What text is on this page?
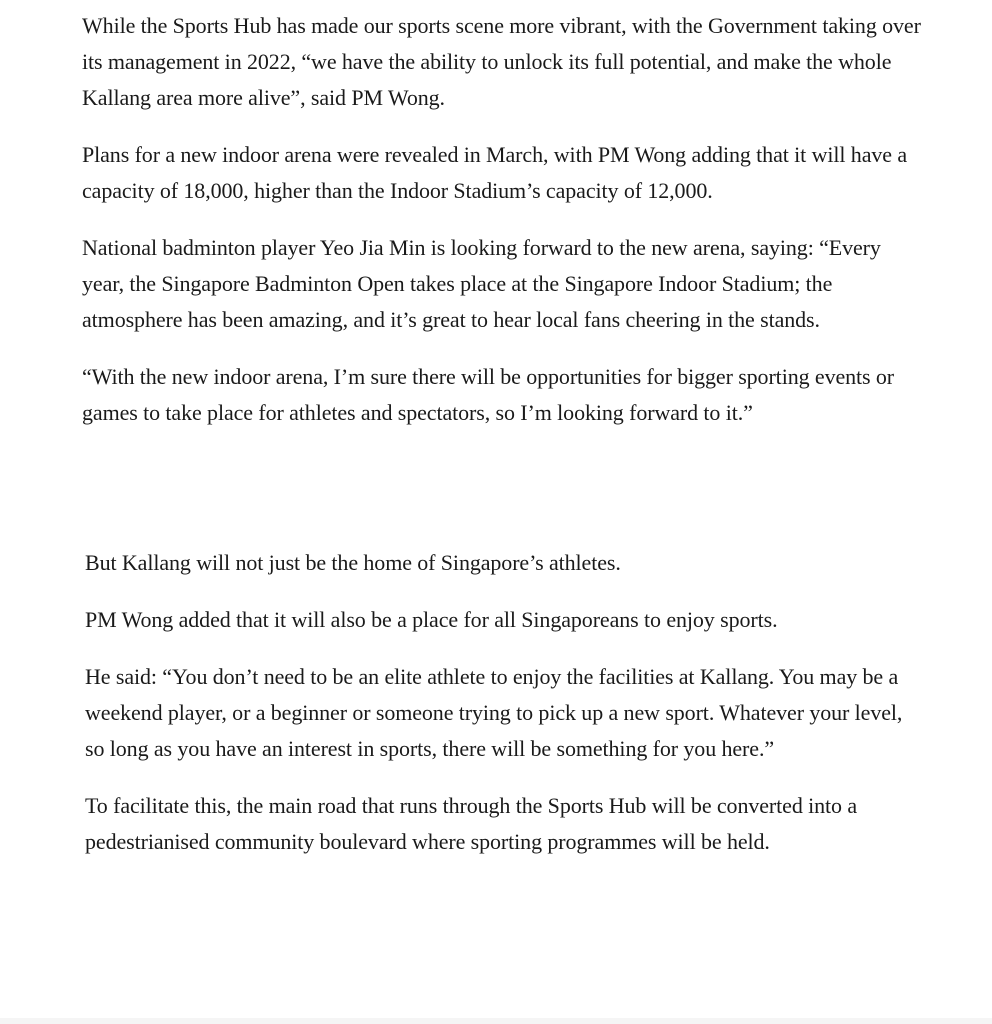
While the Sports Hub has made our sports scene more vibrant, with the Government taking over its management in 2022, “we have the ability to unlock its full potential, and make the whole Kallang area more alive”, said PM Wong.

Plans for a new indoor arena were revealed in March, with PM Wong adding that it will have a capacity of 18,000, higher than the Indoor Stadium’s capacity of 12,000.

National badminton player Yeo Jia Min is looking forward to the new arena, saying: “Every year, the Singapore Badminton Open takes place at the Singapore Indoor Stadium; the atmosphere has been amazing, and it’s great to hear local fans cheering in the stands.

“With the new indoor arena, I’m sure there will be opportunities for bigger sporting events or games to take place for athletes and spectators, so I’m looking forward to it.”

But Kallang will not just be the home of Singapore’s athletes.

PM Wong added that it will also be a place for all Singaporeans to enjoy sports.

He said: “You don’t need to be an elite athlete to enjoy the facilities at Kallang. You may be a weekend player, or a beginner or someone trying to pick up a new sport. Whatever your level, so long as you have an interest in sports, there will be something for you here.”

To facilitate this, the main road that runs through the Sports Hub will be converted into a pedestrianised community boulevard where sporting programmes will be held.
